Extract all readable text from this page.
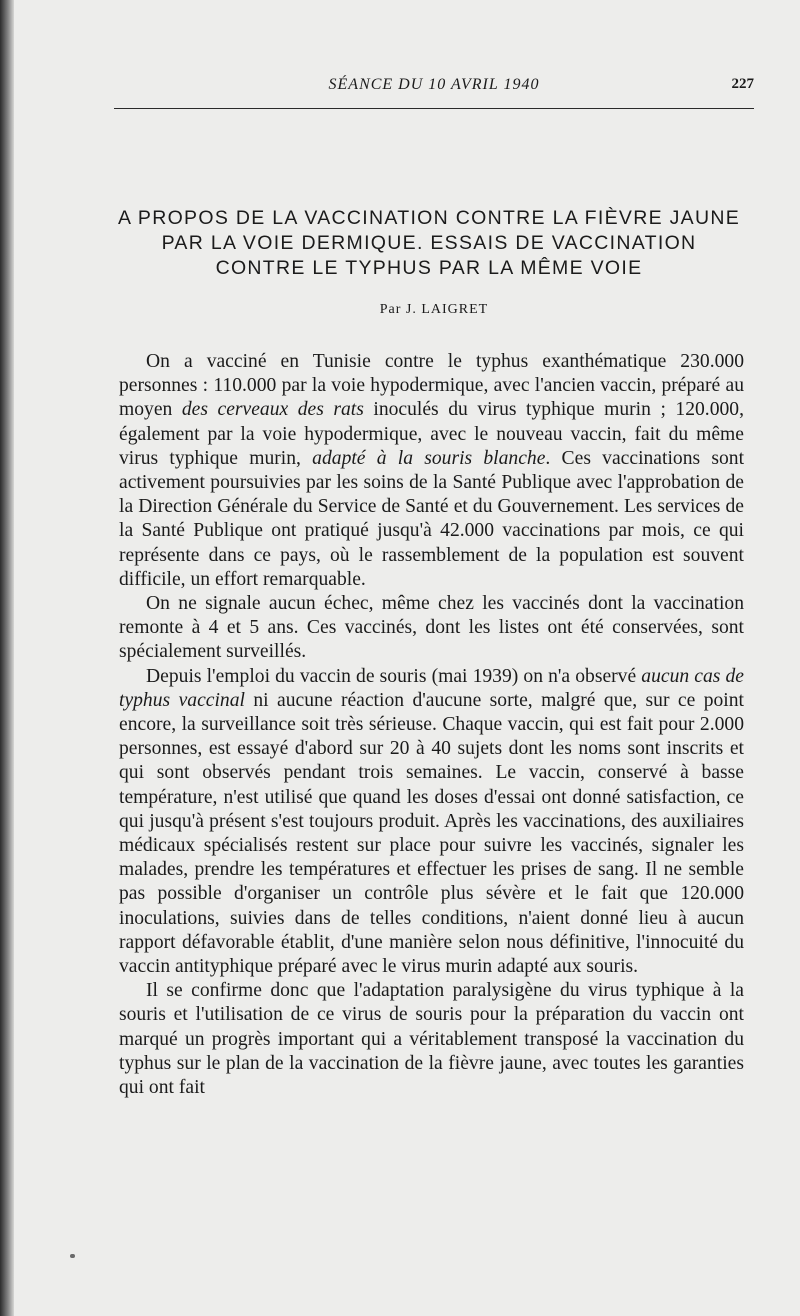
SÉANCE DU 10 AVRIL 1940	227
A PROPOS DE LA VACCINATION CONTRE LA FIÈVRE JAUNE
PAR LA VOIE DERMIQUE. ESSAIS DE VACCINATION
CONTRE LE TYPHUS PAR LA MÊME VOIE
Par J. LAIGRET

On a vacciné en Tunisie contre le typhus exanthématique 230.000 personnes : 110.000 par la voie hypodermique, avec l'ancien vaccin, préparé au moyen des cerveaux des rats inoculés du virus typhique murin ; 120.000, également par la voie hypodermique, avec le nouveau vaccin, fait du même virus typhique murin, adapté à la souris blanche. Ces vaccinations sont activement poursuivies par les soins de la Santé Publique avec l'approbation de la Direction Générale du Service de Santé et du Gouvernement. Les services de la Santé Publique ont pratiqué jusqu'à 42.000 vaccinations par mois, ce qui représente dans ce pays, où le rassemblement de la population est souvent difficile, un effort remarquable.

On ne signale aucun échec, même chez les vaccinés dont la vaccination remonte à 4 et 5 ans. Ces vaccinés, dont les listes ont été conservées, sont spécialement surveillés.

Depuis l'emploi du vaccin de souris (mai 1939) on n'a observé aucun cas de typhus vaccinal ni aucune réaction d'aucune sorte, malgré que, sur ce point encore, la surveillance soit très sérieuse. Chaque vaccin, qui est fait pour 2.000 personnes, est essayé d'abord sur 20 à 40 sujets dont les noms sont inscrits et qui sont observés pendant trois semaines. Le vaccin, conservé à basse température, n'est utilisé que quand les doses d'essai ont donné satisfaction, ce qui jusqu'à présent s'est toujours produit. Après les vaccinations, des auxiliaires médicaux spécialisés restent sur place pour suivre les vaccinés, signaler les malades, prendre les températures et effectuer les prises de sang. Il ne semble pas possible d'organiser un contrôle plus sévère et le fait que 120.000 inoculations, suivies dans de telles conditions, n'aient donné lieu à aucun rapport défavorable établit, d'une manière selon nous définitive, l'innocuité du vaccin antityphique préparé avec le virus murin adapté aux souris.

Il se confirme donc que l'adaptation paralysigène du virus typhique à la souris et l'utilisation de ce virus de souris pour la préparation du vaccin ont marqué un progrès important qui a véritablement transposé la vaccination du typhus sur le plan de la vaccination de la fièvre jaune, avec toutes les garanties qui ont fait
